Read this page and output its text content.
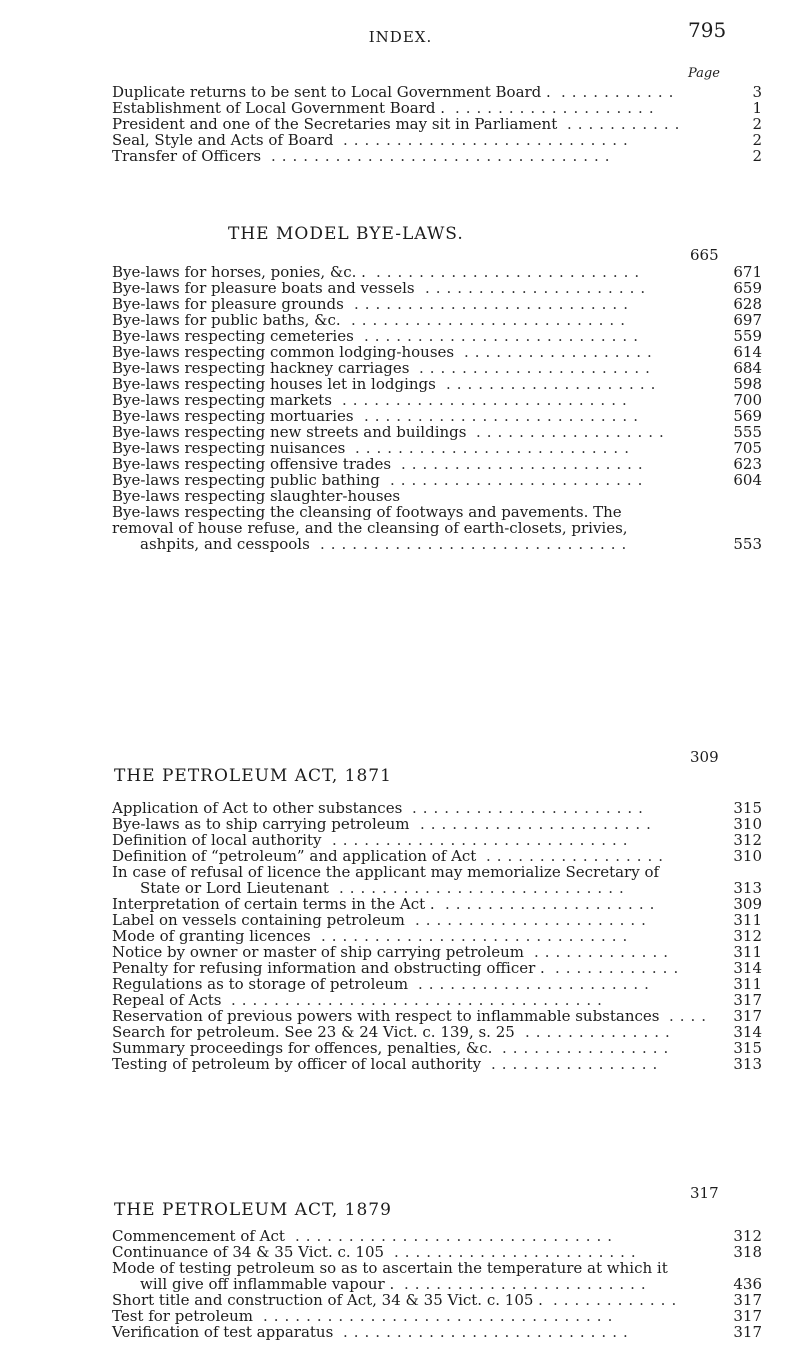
INDEX.	795
Page
Duplicate returns to be sent to Local Government Board .	3
...........
Establishment of Local Government Board .	1
...................
President and one of the Secretaries may sit in Parliament	2
...........
Seal, Style and Acts of Board	2
...........................
Transfer of Officers	2
................................
THE MODEL BYE-LAWS.
665
Bye-laws for horses, ponies, &c. .	671
.........................
Bye-laws for pleasure boats and vessels	659
.....................
Bye-laws for pleasure grounds	628
..........................
Bye-laws for public baths, &c.	697
..........................
Bye-laws respecting cemeteries	559
..........................
Bye-laws respecting common lodging-houses	614
..................
Bye-laws respecting hackney carriages	684
......................
Bye-laws respecting houses let in lodgings	598
....................
Bye-laws respecting markets	700
...........................
Bye-laws respecting mortuaries	569
..........................
Bye-laws respecting new streets and buildings	555
..................
Bye-laws respecting nuisances	705
..........................
Bye-laws respecting offensive trades	623
.......................
Bye-laws respecting public bathing	604
........................
Bye-laws respecting slaughter-houses
Bye-laws respecting the cleansing of footways and pavements. The
removal of house refuse, and the cleansing of earth-closets, privies,
ashpits, and cesspools	553
.............................
309
THE PETROLEUM ACT, 1871
Application of Act to other substances	315
......................
Bye-laws as to ship carrying petroleum	310
......................
Definition of local authority	312
............................
Definition of “petroleum” and application of Act	310
.................
In case of refusal of licence the applicant may memorialize Secretary of
State or Lord Lieutenant	313
...........................
Interpretation of certain terms in the Act .	309
....................
Label on vessels containing petroleum	311
......................
Mode of granting licences	312
.............................
Notice by owner or master of ship carrying petroleum	311
.............
Penalty for refusing information and obstructing officer .	314
............
Regulations as to storage of petroleum	311
......................
Repeal of Acts	317
...................................
Reservation of previous powers with respect to inflammable substances	317
....
Search for petroleum. See 23 & 24 Vict. c. 139, s. 25	314
..............
Summary proceedings for offences, penalties, &c.	315
................
Testing of petroleum by officer of local authority	313
................
317
THE PETROLEUM ACT, 1879
Commencement of Act	312
..............................
Continuance of 34 & 35 Vict. c. 105	318
.......................
Mode of testing petroleum so as to ascertain the temperature at which it
will give off inflammable vapour .	436
.......................
Short title and construction of Act, 34 & 35 Vict. c. 105 .	317
............
Test for petroleum	317
.................................
Verification of test apparatus	317
...........................
